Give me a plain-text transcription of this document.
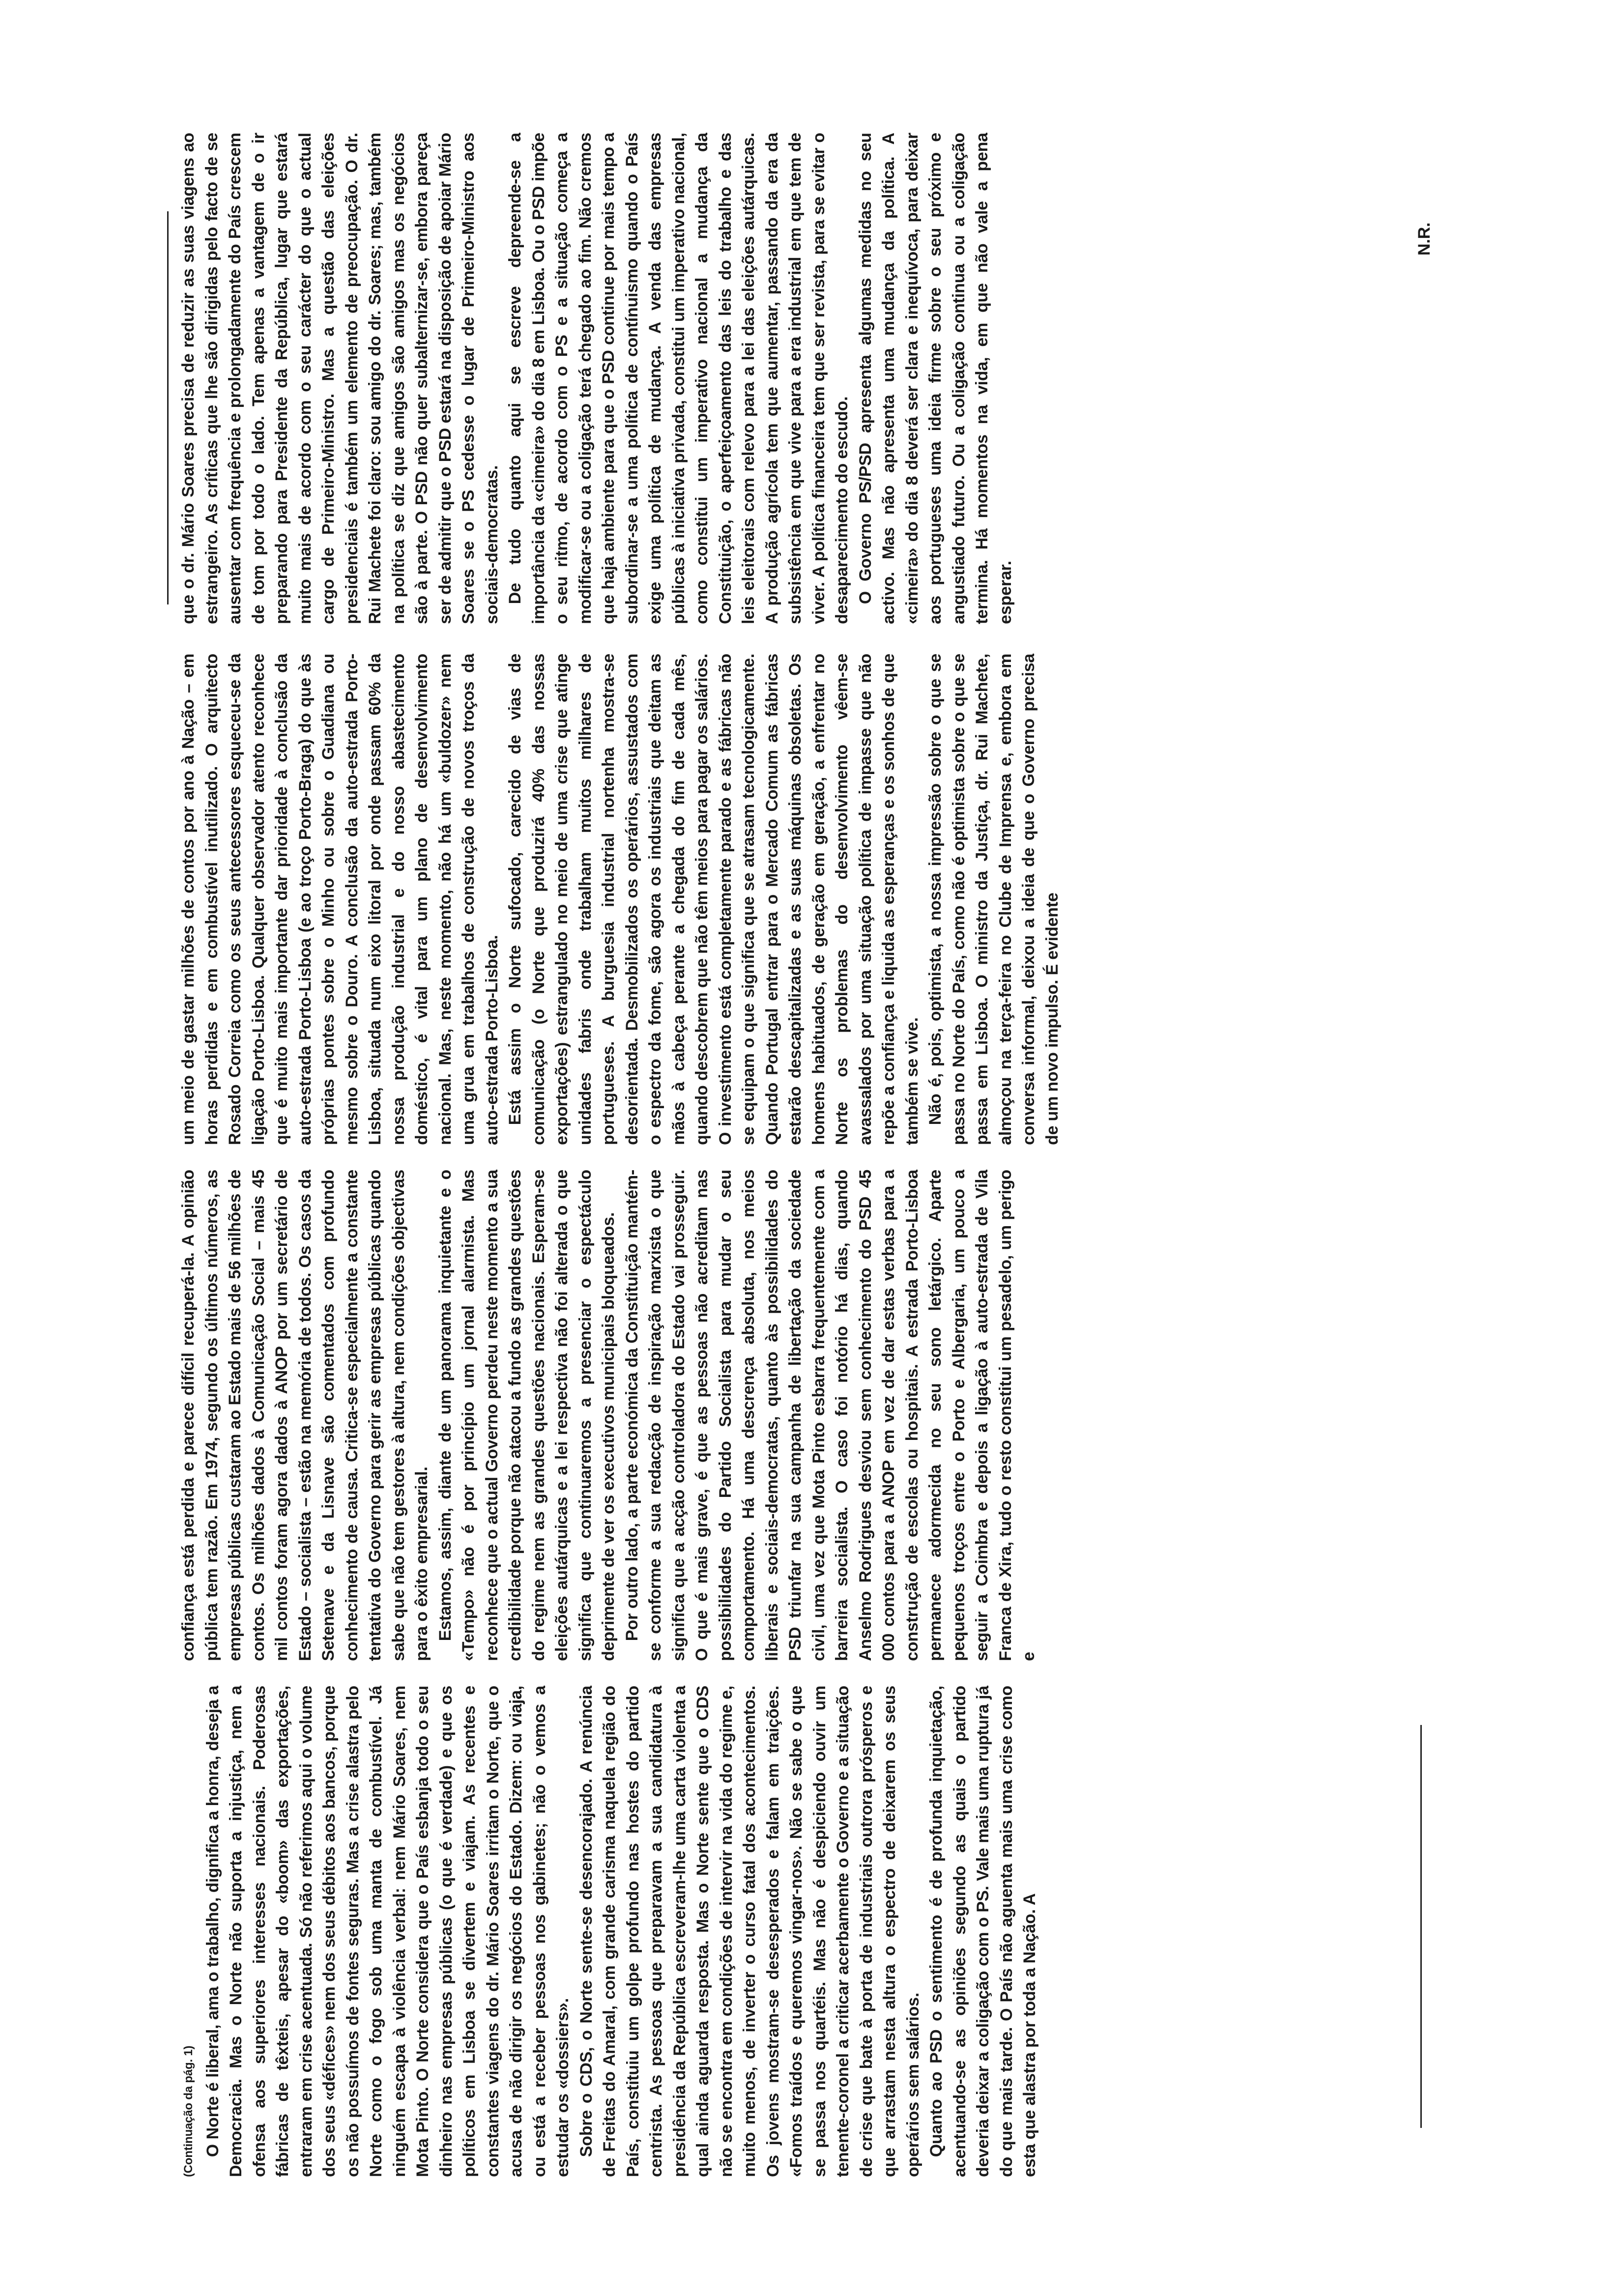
(Continuação da pág. 1) O Norte é liberal, ama o trabalho, dignifica a honra, deseja a Democracia. Mas o Norte não suporta a injustiça, nem a ofensa aos superiores interesses nacionais. Poderosas fábricas de têxteis, apesar do «boom» das exportações, entraram em crise acentuada. Só não referimos aqui o volume dos seus «défices» nem dos seus débitos aos bancos, porque os não possuímos de fontes seguras. Mas a crise alastra pelo Norte como o fogo sob uma manta de combustível. Já ninguém escapa à violência verbal: nem Mário Soares, nem Mota Pinto. O Norte considera que o País esbanja todo o seu dinheiro nas empresas públicas (o que é verdade) e que os políticos em Lisboa se divertem e viajam. As recentes e constantes viagens do dr. Mário Soares irritam o Norte, que o acusa de não dirigir os negócios do Estado. Dizem: ou viaja, ou está a receber pessoas nos gabinetes; não o vemos a estudar os «dossiers». Sobre o CDS, o Norte sente-se desencorajado. A renúncia de Freitas do Amaral, com grande carisma naquela região do País, constituiu um golpe profundo nas hostes do partido centrista. As pessoas que preparavam a sua candidatura à presidência da República escreveram-lhe uma carta violenta a qual ainda aguarda resposta. Mas o Norte sente que o CDS não se encontra em condições de intervir na vida do regime e, muito menos, de inverter o curso fatal dos acontecimentos. Os jovens mostram-se desesperados e falam em traições. «Fomos traídos e queremos vingar-nos». Não se sabe o que se passa nos quartéis. Mas não é despiciendo ouvir um tenente-coronel a criticar acerbamente o Governo e a situação de crise que bate à porta de industriais outrora prósperos e que arrastam nesta altura o espectro de deixarem os seus operários sem salários. Quanto ao PSD o sentimento é de profunda inquietação, acentuando-se as opiniões segundo as quais o partido deveria deixar a coligação com o PS. Vale mais uma ruptura já do que mais tarde. O País não aguenta mais uma crise como esta que alastra por toda a Nação. A

confiança está perdida e parece difícil recuperá-la. A opinião pública tem razão. Em 1974, segundo os últimos números, as empresas públicas custaram ao Estado mais de 56 milhões de contos. Os milhões dados à Comunicação Social – mais 45 mil contos foram agora dados à ANOP por um secretário de Estado – socialista – estão na memória de todos. Os casos da Setenave e da Lisnave são comentados com profundo conhecimento de causa. Critica-se especialmente a constante tentativa do Governo para gerir as empresas públicas quando sabe que não tem gestores à altura, nem condições objectivas para o êxito empresarial. Estamos, assim, diante de um panorama inquietante e o «Tempo» não é por princípio um jornal alarmista. Mas reconhece que o actual Governo perdeu neste momento a sua credibilidade porque não atacou a fundo as grandes questões do regime nem as grandes questões nacionais. Esperam-se eleições autárquicas e a lei respectiva não foi alterada o que significa que continuaremos a presenciar o espectáculo deprimente de ver os executivos municipais bloqueados. Por outro lado, a parte económica da Constituição mantém-se conforme a sua redacção de inspiração marxista o que significa que a acção controladora do Estado vai prosseguir. O que é mais grave, é que as pessoas não acreditam nas possibilidades do Partido Socialista para mudar o seu comportamento. Há uma descrença absoluta, nos meios liberais e sociais-democratas, quanto às possibilidades do PSD triunfar na sua campanha de libertação da sociedade civil, uma vez que Mota Pinto esbarra frequentemente com a barreira socialista. O caso foi notório há dias, quando Anselmo Rodrigues desviou sem conhecimento do PSD 45 000 contos para a ANOP em vez de dar estas verbas para a construção de escolas ou hospitais. A estrada Porto-Lisboa permanece adormecida no seu sono letárgico. Aparte pequenos troços entre o Porto e Albergaria, um pouco a seguir a Coimbra e depois a ligação à auto-estrada de Vila Franca de Xira, tudo o resto constitui um pesadelo, um perigo e

um meio de gastar milhões de contos por ano à Nação – em horas perdidas e em combustível inutilizado. O arquitecto Rosado Correia como os seus antecessores esqueceu-se da ligação Porto-Lisboa. Qualquer observador atento reconhece que é muito mais importante dar prioridade à conclusão da auto-estrada Porto-Lisboa (e ao troço Porto-Braga) do que às próprias pontes sobre o Minho ou sobre o Guadiana ou mesmo sobre o Douro. A conclusão da auto-estrada Porto-Lisboa, situada num eixo litoral por onde passam 60% da nossa produção industrial e do nosso abastecimento doméstico, é vital para um plano de desenvolvimento nacional. Mas, neste momento, não há um «buldozer» nem uma grua em trabalhos de construção de novos troços da auto-estrada Porto-Lisboa. Está assim o Norte sufocado, carecido de vias de comunicação (o Norte que produzirá 40% das nossas exportações) estrangulado no meio de uma crise que atinge unidades fabris onde trabalham muitos milhares de portugueses. A burguesia industrial nortenha mostra-se desorientada. Desmobilizados os operários, assustados com o espectro da fome, são agora os industriais que deitam as mãos à cabeça perante a chegada do fim de cada mês, quando descobrem que não têm meios para pagar os salários. O investimento está completamente parado e as fábricas não se equipam o que significa que se atrasam tecnologicamente. Quando Portugal entrar para o Mercado Comum as fábricas estarão descapitalizadas e as suas máquinas obsoletas. Os homens habituados, de geração em geração, a enfrentar no Norte os problemas do desenvolvimento vêem-se avassalados por uma situação política de impasse que não repõe a confiança e liquida as esperanças e os sonhos de que também se vive. Não é, pois, optimista, a nossa impressão sobre o que se passa no Norte do País, como não é optimista sobre o que se passa em Lisboa. O ministro da Justiça, dr. Rui Machete, almoçou na terça-feira no Clube de Imprensa e, embora em conversa informal, deixou a ideia de que o Governo precisa de um novo impulso. É evidente

que o dr. Mário Soares precisa de reduzir as suas viagens ao estrangeiro. As críticas que lhe são dirigidas pelo facto de se ausentar com frequência e prolongadamente do País crescem de tom por todo o lado. Tem apenas a vantagem de o ir preparando para Presidente da República, lugar que estará muito mais de acordo com o seu carácter do que o actual cargo de Primeiro-Ministro. Mas a questão das eleições presidenciais é também um elemento de preocupação. O dr. Rui Machete foi claro: sou amigo do dr. Soares; mas, também na política se diz que amigos são amigos mas os negócios são à parte. O PSD não quer subalternizar-se, embora pareça ser de admitir que o PSD estará na disposição de apoiar Mário Soares se o PS cedesse o lugar de Primeiro-Ministro aos sociais-democratas. De tudo quanto aqui se escreve depreende-se a importância da «cimeira» do dia 8 em Lisboa. Ou o PSD impõe o seu ritmo, de acordo com o PS e a situação começa a modificar-se ou a coligação terá chegado ao fim. Não cremos que haja ambiente para que o PSD continue por mais tempo a subordinar-se a uma política de contínuismo quando o País exige uma política de mudança. A venda das empresas públicas à iniciativa privada, constitui um imperativo nacional, como constitui um imperativo nacional a mudança da Constituição, o aperfeiçoamento das leis do trabalho e das leis eleitorais com relevo para a lei das eleições autárquicas. A produção agrícola tem que aumentar, passando da era da subsistência em que vive para a era industrial em que tem de viver. A política financeira tem que ser revista, para se evitar o desaparecimento do escudo. O Governo PS/PSD apresenta algumas medidas no seu activo. Mas não apresenta uma mudança da política. A «cimeira» do dia 8 deverá ser clara e inequívoca, para deixar aos portugueses uma ideia firme sobre o seu próximo e angustiado futuro. Ou a coligação continua ou a coligação termina. Há momentos na vida, em que não vale a pena esperar.

N.R.
